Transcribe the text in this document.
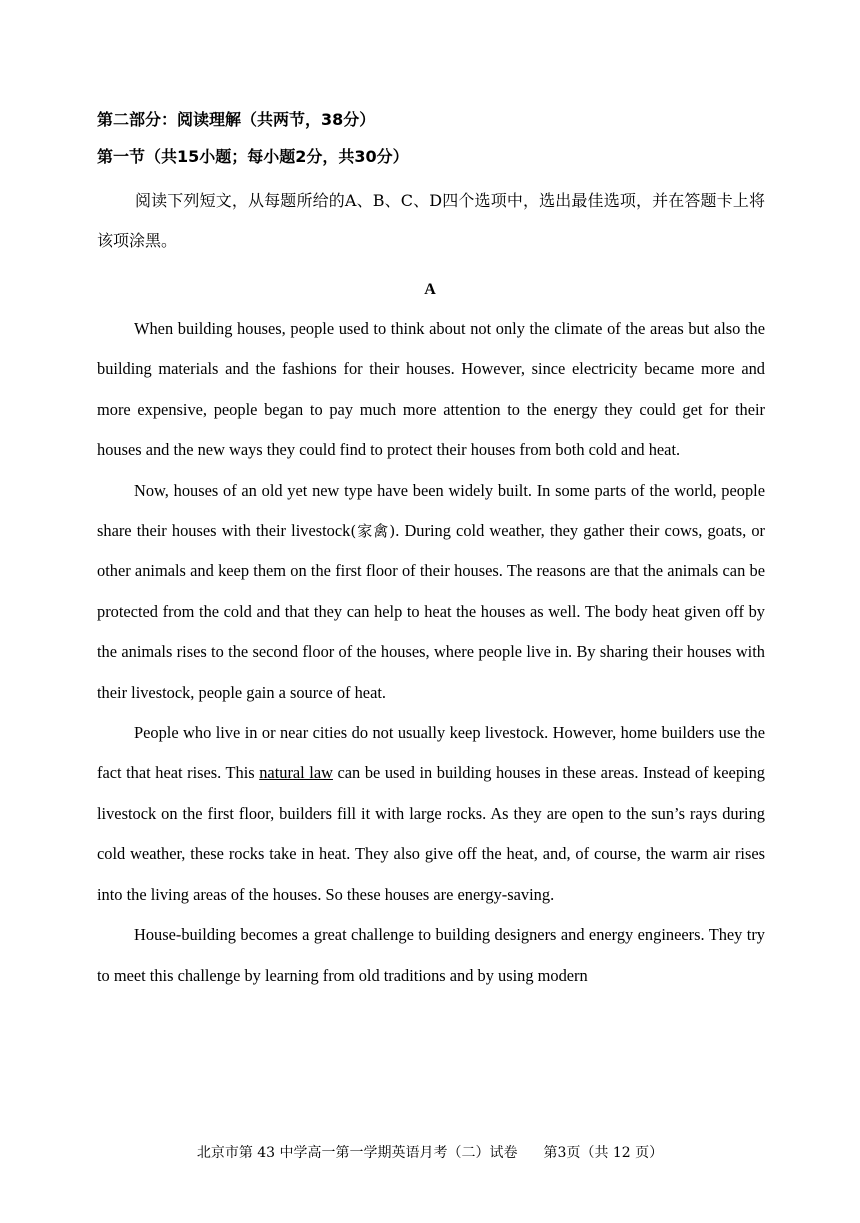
第二部分：阅读理解（共两节，38分）
第一节（共15小题；每小题2分，共30分）

阅读下列短文，从每题所给的A、B、C、D四个选项中，选出最佳选项，并在答题卡上将该项涂黑。

A

When building houses, people used to think about not only the climate of the areas but also the building materials and the fashions for their houses. However, since electricity became more and more expensive, people began to pay much more attention to the energy they could get for their houses and the new ways they could find to protect their houses from both cold and heat.

Now, houses of an old yet new type have been widely built. In some parts of the world, people share their houses with their livestock(家禽). During cold weather, they gather their cows, goats, or other animals and keep them on the first floor of their houses. The reasons are that the animals can be protected from the cold and that they can help to heat the houses as well. The body heat given off by the animals rises to the second floor of the houses, where people live in. By sharing their houses with their livestock, people gain a source of heat.

People who live in or near cities do not usually keep livestock. However, home builders use the fact that heat rises. This natural law can be used in building houses in these areas. Instead of keeping livestock on the first floor, builders fill it with large rocks. As they are open to the sun’s rays during cold weather, these rocks take in heat. They also give off the heat, and, of course, the warm air rises into the living areas of the houses. So these houses are energy-saving.

House-building becomes a great challenge to building designers and energy engineers. They try to meet this challenge by learning from old traditions and by using modern

北京市第 43 中学高一第一学期英语月考（二）试卷 第3页（共 12 页）
